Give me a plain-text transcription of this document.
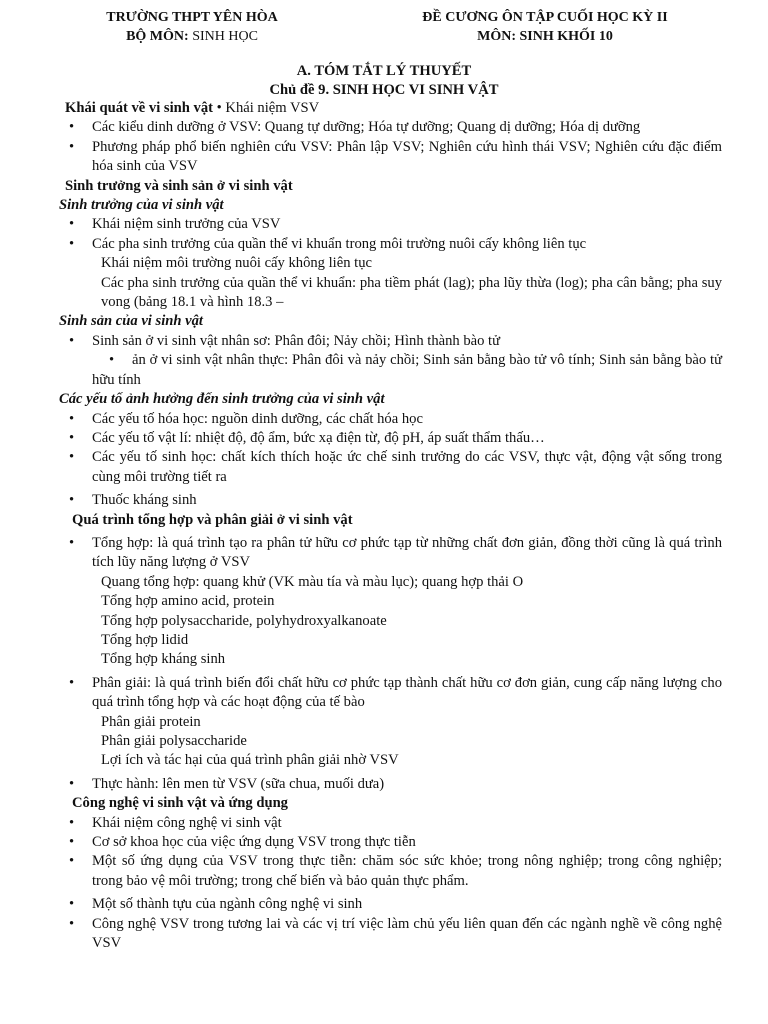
TRƯỜNG THPT YÊN HÒA
BỘ MÔN: SINH HỌC
ĐỀ CƯƠNG ÔN TẬP CUỐI HỌC KỲ II
MÔN: SINH KHỐI 10
A. TÓM TẮT LÝ THUYẾT
Chủ đề 9. SINH HỌC VI SINH VẬT
Khái quát về vi sinh vật • Khái niệm VSV
• Các kiểu dinh dưỡng ở VSV: Quang tự dưỡng; Hóa tự dưỡng; Quang dị dưỡng; Hóa dị dưỡng
• Phương pháp phổ biến nghiên cứu VSV: Phân lập VSV; Nghiên cứu hình thái VSV; Nghiên cứu đặc điểm hóa sinh của VSV
Sinh trưởng và sinh sản ở vi sinh vật
Sinh trưởng của vi sinh vật
• Khái niệm sinh trưởng của VSV
• Các pha sinh trưởng của quần thể vi khuẩn trong môi trường nuôi cấy không liên tục
Khái niệm môi trường nuôi cấy không liên tục
Các pha sinh trưởng của quần thể vi khuẩn: pha tiềm phát (lag); pha lũy thừa (log); pha cân bằng; pha suy vong (bảng 18.1 và hình 18.3 –
Sinh sản của vi sinh vật
• Sinh sản ở vi sinh vật nhân sơ: Phân đôi; Nảy chồi; Hình thành bào tử
• ản ở vi sinh vật nhân thực: Phân đôi và nảy chồi; Sinh sản bằng bào tử vô tính; Sinh sản bằng bào tử hữu tính
Các yếu tố ảnh hưởng đến sinh trưởng của vi sinh vật
• Các yếu tố hóa học: nguồn dinh dưỡng, các chất hóa học
• Các yếu tố vật lí: nhiệt độ, độ ẩm, bức xạ điện từ, độ pH, áp suất thẩm thấu…
• Các yếu tố sinh học: chất kích thích hoặc ức chế sinh trưởng do các VSV, thực vật, động vật sống trong cùng môi trường tiết ra
• Thuốc kháng sinh
Quá trình tổng hợp và phân giải ở vi sinh vật
• Tổng hợp: là quá trình tạo ra phân tử hữu cơ phức tạp từ những chất đơn giản, đồng thời cũng là quá trình tích lũy năng lượng ở VSV
Quang tổng hợp: quang khử (VK màu tía và màu lục); quang hợp thải O
Tổng hợp amino acid, protein
Tổng hợp polysaccharide, polyhydroxyalkanoate
Tổng hợp lidid
Tổng hợp kháng sinh
• Phân giải: là quá trình biến đổi chất hữu cơ phức tạp thành chất hữu cơ đơn giản, cung cấp năng lượng cho quá trình tổng hợp và các hoạt động của tế bào
Phân giải protein
Phân giải polysaccharide
Lợi ích và tác hại của quá trình phân giải nhờ VSV
• Thực hành: lên men từ VSV (sữa chua, muối dưa)
Công nghệ vi sinh vật và ứng dụng
• Khái niệm công nghệ vi sinh vật
• Cơ sở khoa học của việc ứng dụng VSV trong thực tiễn
• Một số ứng dụng của VSV trong thực tiễn: chăm sóc sức khỏe; trong nông nghiệp; trong công nghiệp; trong bảo vệ môi trường; trong chế biến và bảo quản thực phẩm.
• Một số thành tựu của ngành công nghệ vi sinh
• Công nghệ VSV trong tương lai và các vị trí việc làm chủ yếu liên quan đến các ngành nghề về công nghệ VSV
